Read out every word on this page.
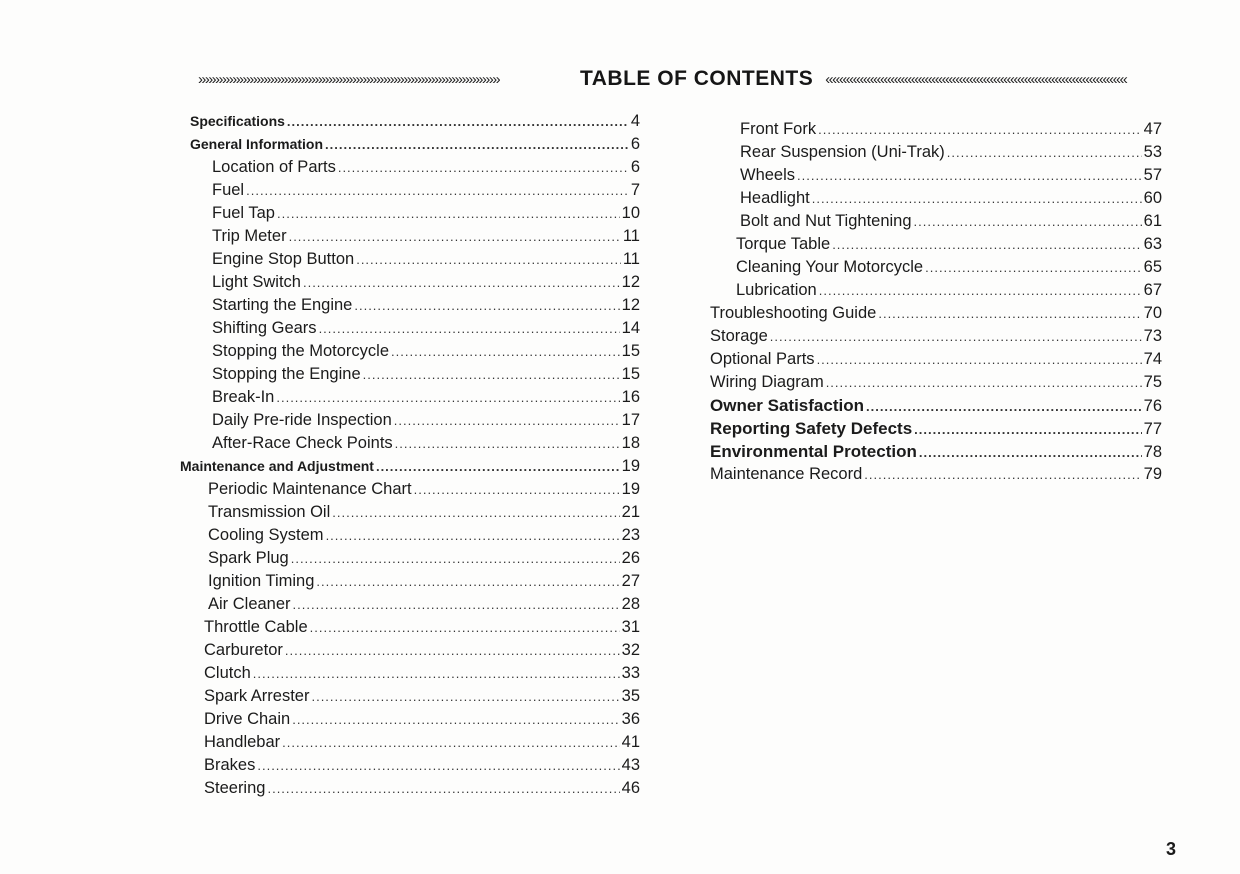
»»»»»»»»»»»»»»»»»»»»»»»»»»»»»»»»»»»»»»»»»»»»	TABLE OF CONTENTS ««««««««««««««««««««««««««««««««««««««««««««
Specifications .....	4
General Information .....	6
Location of Parts .....	6
Fuel .....	7
Fuel Tap .....	10
Trip Meter .....	11
Engine Stop Button .....	11
Light Switch .....	12
Starting the Engine .....	12
Shifting Gears .....	14
Stopping the Motorcycle .....	15
Stopping the Engine .....	15
Break-In .....	16
Daily Pre-ride Inspection .....	17
After-Race Check Points .....	18
Maintenance and Adjustment .....	19
Periodic Maintenance Chart .....	19
Transmission Oil .....	21
Cooling System .....	23
Spark Plug .....	26
Ignition Timing .....	27
Air Cleaner .....	28
Throttle Cable .....	31
Carburetor .....	32
Clutch .....	33
Spark Arrester .....	35
Drive Chain .....	36
Handlebar .....	41
Brakes .....	43
Steering .....	46
Front Fork .....	47
Rear Suspension (Uni-Trak) .....	53
Wheels .....	57
Headlight .....	60
Bolt and Nut Tightening .....	61
Torque Table .....	63
Cleaning Your Motorcycle .....	65
Lubrication .....	67
Troubleshooting Guide .....	70
Storage .....	73
Optional Parts .....	74
Wiring Diagram .....	75
Owner Satisfaction .....	76
Reporting Safety Defects .....	77
Environmental Protection .....	78
Maintenance Record .....	79
3
